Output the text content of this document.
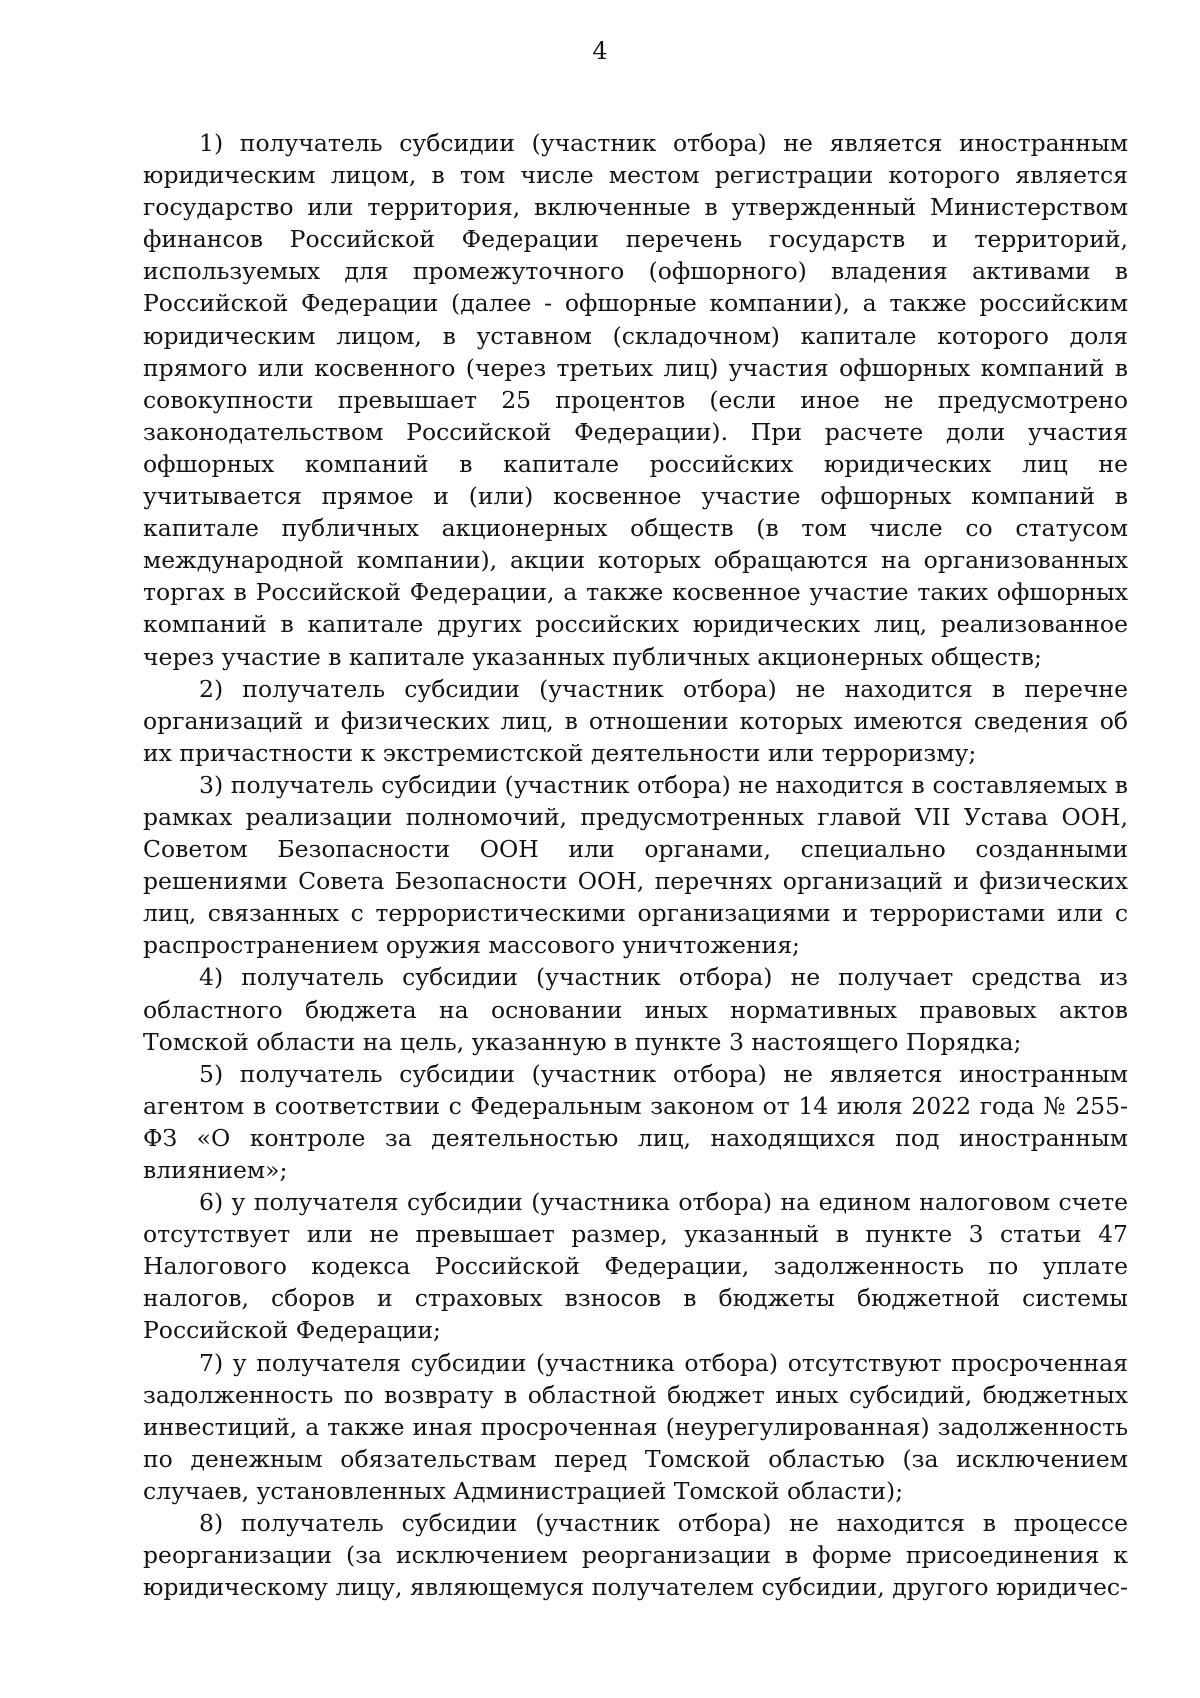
4

1) получатель субсидии (участник отбора) не является иностранным юридическим лицом, в том числе местом регистрации которого является государство или территория, включенные в утвержденный Министерством финансов Российской Федерации перечень государств и территорий, используемых для промежуточного (офшорного) владения активами в Российской Федерации (далее - офшорные компании), а также российским юридическим лицом, в уставном (складочном) капитале которого доля прямого или косвенного (через третьих лиц) участия офшорных компаний в совокупности превышает 25 процентов (если иное не предусмотрено законодательством Российской Федерации). При расчете доли участия офшорных компаний в капитале российских юридических лиц не учитывается прямое и (или) косвенное участие офшорных компаний в капитале публичных акционерных обществ (в том числе со статусом международной компании), акции которых обращаются на организованных торгах в Российской Федерации, а также косвенное участие таких офшорных компаний в капитале других российских юридических лиц, реализованное через участие в капитале указанных публичных акционерных обществ;

2) получатель субсидии (участник отбора) не находится в перечне организаций и физических лиц, в отношении которых имеются сведения об их причастности к экстремистской деятельности или терроризму;

3) получатель субсидии (участник отбора) не находится в составляемых в рамках реализации полномочий, предусмотренных главой VII Устава ООН, Советом Безопасности ООН или органами, специально созданными решениями Совета Безопасности ООН, перечнях организаций и физических лиц, связанных с террористическими организациями и террористами или с распространением оружия массового уничтожения;

4) получатель субсидии (участник отбора) не получает средства из областного бюджета на основании иных нормативных правовых актов Томской области на цель, указанную в пункте 3 настоящего Порядка;

5) получатель субсидии (участник отбора) не является иностранным агентом в соответствии с Федеральным законом от 14 июля 2022 года № 255-ФЗ «О контроле за деятельностью лиц, находящихся под иностранным влиянием»;

6) у получателя субсидии (участника отбора) на едином налоговом счете отсутствует или не превышает размер, указанный в пункте 3 статьи 47 Налогового кодекса Российской Федерации, задолженность по уплате налогов, сборов и страховых взносов в бюджеты бюджетной системы Российской Федерации;

7) у получателя субсидии (участника отбора) отсутствуют просроченная задолженность по возврату в областной бюджет иных субсидий, бюджетных инвестиций, а также иная просроченная (неурегулированная) задолженность по денежным обязательствам перед Томской областью (за исключением случаев, установленных Администрацией Томской области);

8) получатель субсидии (участник отбора) не находится в процессе реорганизации (за исключением реорганизации в форме присоединения к юридическому лицу, являющемуся получателем субсидии, другого юридичес-
